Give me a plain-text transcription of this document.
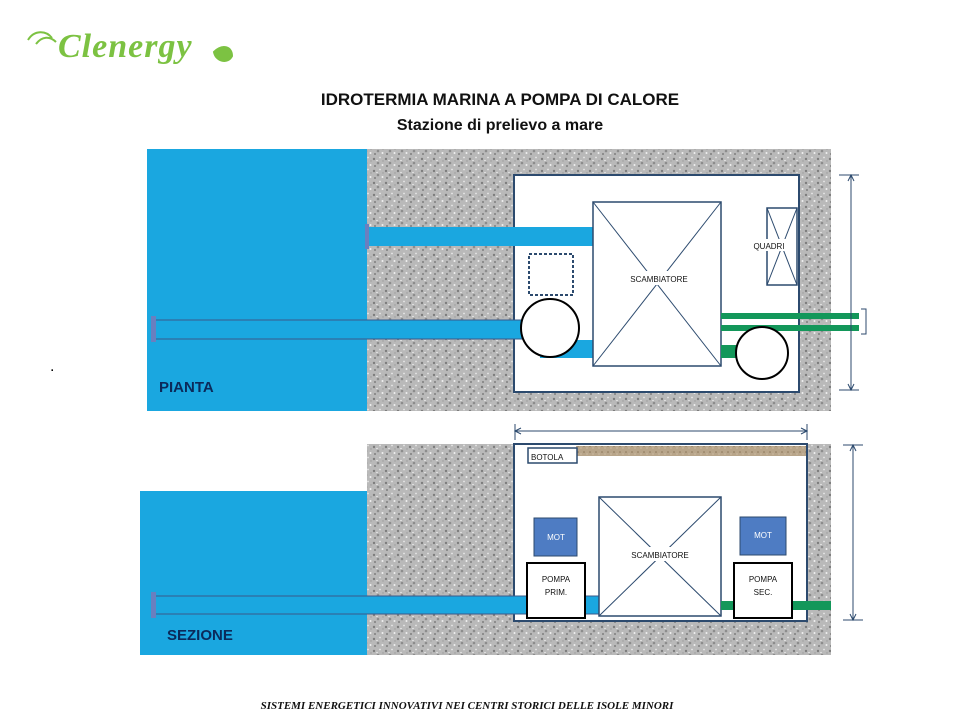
SCAMBIATORE
QUADRI
PIANTA
BOTOLA
SCAMBIATORE
MOT	MOT
POMPA
PRIM.
POMPA
SEC.
SEZIONE
Clenergy
IDROTERMIA MARINA A POMPA DI CALORE
Stazione di prelievo a mare
.
SISTEMI ENERGETICI INNOVATIVI NEI CENTRI STORICI DELLE ISOLE MINORI
